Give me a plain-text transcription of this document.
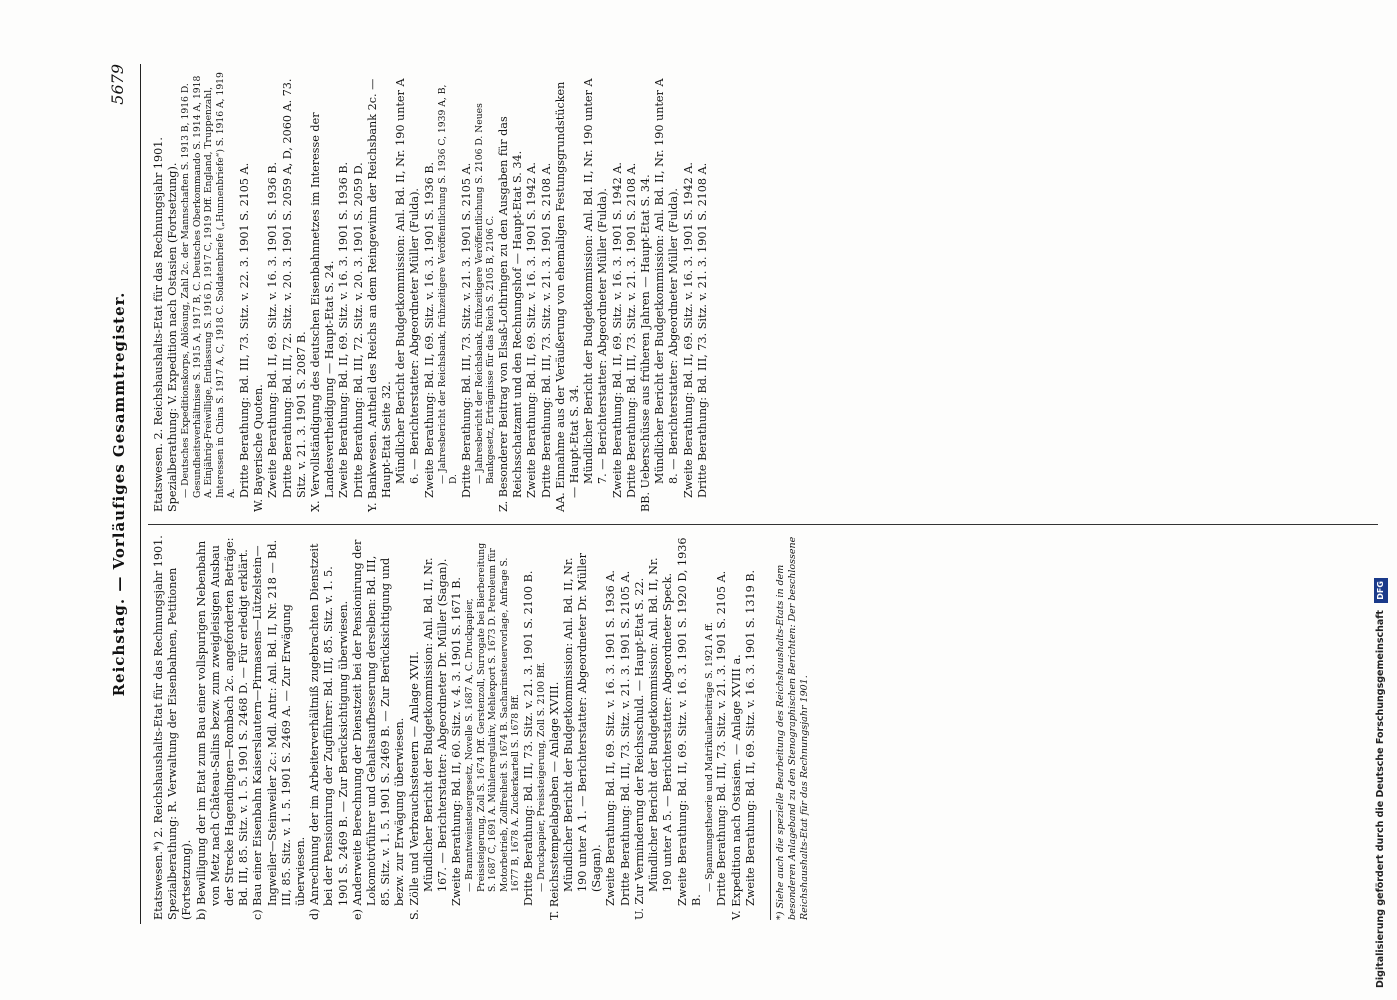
Reichstag. — Vorläufiges Gesammtregister.
5679
Etatswesen.*) 2. Reichshaushalts-Etat für das Rechnungsjahr 1901. Spezialberathung: R. Verwaltung der Eisenbahnen, Petitionen (Fortsetzung). b) Bewilligung der im Etat zum Bau einer vollspurigen Nebenbahn von Metz nach Château-Salins bezw. zum zweigleisigen Ausbau der Strecke Hagendingen—Rombach 2c. angeforderten Beträge: Bd. III, 85. Sitz. v. 1. 5. 1901 S. 2468 D. — Für erledigt erklärt. c) Bau einer Eisenbahn Kaiserslautern—Pirmasens—Lützelstein—Ingweiler—Steinweiler 2c.: Mdl. Antr.: Anl. Bd. II, Nr. 218 — Bd. III, 85. Sitz. v. 1. 5. 1901 S. 2469 A. — Zur Erwägung überwiesen. d) Anrechnung der im Arbeiterverhältniß zugebrachten Dienstzeit bei der Pensionirung der Zugführer: Bd. III, 85. Sitz. v. 1. 5. 1901 S. 2469 B. — Zur Berücksichtigung überwiesen. e) Anderweite Berechnung der Dienstzeit bei der Pensionirung der Lokomotivführer und Gehaltsaufbesserung derselben: Bd. III, 85. Sitz. v. 1. 5. 1901 S. 2469 B. — Zur Berücksichtigung und bezw. zur Erwägung überwiesen. S. Zölle und Verbrauchssteuern — Anlage XVII. Mündlicher Bericht der Budgetkommission: Anl. Bd. II, Nr. 167. — Berichterstatter: Abgeordneter Dr. Müller (Sagan). Zweite Berathung: Bd. II, 60. Sitz. v. 4. 3. 1901 S. 1671 B. — Branntweinsteuergesetz, Novelle S. 1687 A, C. Druckpapier, Preissteigerung, Zoll S. 1674 Dff. Gerstenzoll, Surrogate bei Bierbereitung S. 1687 C, 1691 A. Mühlenregulativ, Mehlexport S. 1673 D. Petroleum für Motorbetrieb, Zollfreiheit S. 1674 B. Sacharinsteuervorlage, Anfrage S. 1677 B, 1678 A. Zuckerkartell S. 1678 Bff. Dritte Berathung: Bd. III, 73. Sitz. v. 21. 3. 1901 S. 2100 B. — Druckpapier, Preissteigerung, Zoll S. 2100 Bff. T. Reichsstempelabgaben — Anlage XVIII. Mündlicher Bericht der Budgetkommission: Anl. Bd. II, Nr. 190 unter A 1. — Berichterstatter: Abgeordneter Dr. Müller (Sagan). Zweite Berathung: Bd. II, 69. Sitz. v. 16. 3. 1901 S. 1936 A. Dritte Berathung: Bd. III, 73. Sitz. v. 21. 3. 1901 S. 2105 A. U. Zur Verminderung der Reichsschuld. — Haupt-Etat S. 22. Mündlicher Bericht der Budgetkommission: Anl. Bd. II, Nr. 190 unter A 5. — Berichterstatter: Abgeordneter Speck. Zweite Berathung: Bd. II, 69. Sitz. v. 16. 3. 1901 S. 1920 D, 1936 B.
— Spannungstheorie und Matrikularbeiträge S. 1921 A ff. Dritte Berathung: Bd. III, 73. Sitz. v. 21. 3. 1901 S. 2105 A. V. Expedition nach Ostasien. — Anlage XVIII a. Zweite Berathung: Bd. II, 69. Sitz. v. 16. 3. 1901 S. 1319 B. *) Siehe auch die spezielle Bearbeitung des Reichshaushalts-Etats in dem besonderen Anlageband zu den Stenographischen Berichten: Der beschlossene Reichshaushalts-Etat für das Rechnungsjahr 1901.
Etatswesen. 2. Reichshaushalts-Etat für das Rechnungsjahr 1901. Spezialberathung: V. Expedition nach Ostasien (Fortsetzung). — Deutsches Expeditionskorps, Ablösung, Zahl 2c. der Mannschaften S. 1913 B, 1916 D. Gesundheitsverhältnisse S. 1915 A, 1917 B, C. Deutsches Oberkommando S. 1914 A, 1918 A. Einjährig-Freiwillige, Entlassung S. 1916 D, 1917 C, 1919 Dff. England, Truppenzahl, Interessen in China S. 1917 A, C, 1918 C. Soldatenbriefe („Hunnenbriefe“) S. 1916 A, 1919 A. Dritte Berathung: Bd. III, 73. Sitz. v. 22. 3. 1901 S. 2105 A. W. Bayerische Quoten. Zweite Berathung: Bd. II, 69. Sitz. v. 16. 3. 1901 S. 1936 B. Dritte Berathung: Bd. III, 72. Sitz. v. 20. 3. 1901 S. 2059 A, D, 2060 A. 73. Sitz. v. 21. 3. 1901 S. 2087 B. X. Vervollständigung des deutschen Eisenbahnnetzes im Interesse der Landesvertheidigung — Haupt-Etat S. 24. Zweite Berathung: Bd. II, 69. Sitz. v. 16. 3. 1901 S. 1936 B. Dritte Berathung: Bd. III, 72. Sitz. v. 20. 3. 1901 S. 2059 D. Y. Bankwesen. Antheil des Reichs an dem Reingewinn der Reichsbank 2c. — Haupt-Etat Seite 32. Mündlicher Bericht der Budgetkommission: Anl. Bd. II, Nr. 190 unter A 6. — Berichterstatter: Abgeordneter Müller (Fulda). Zweite Berathung: Bd. II, 69. Sitz. v. 16. 3. 1901 S. 1936 B. — Jahresbericht der Reichsbank, frühzeitigere Veröffentlichung S. 1936 C, 1939 A, B, D. Dritte Berathung: Bd. III, 73. Sitz. v. 21. 3. 1901 S. 2105 A. — Jahresbericht der Reichsbank, frühzeitigere Veröffentlichung S. 2106 D. Neues Bankgesetz, Erträgnisse für das Reich S. 2105 B, 2106 C. Z. Besonderer Beitrag von Elsaß-Lothringen zu den Ausgaben für das Reichsschatzamt und den Rechnungshof — Haupt-Etat S. 34. Zweite Berathung: Bd. II, 69. Sitz. v. 16. 3. 1901 S. 1942 A. Dritte Berathung: Bd. III, 73. Sitz. v. 21. 3. 1901 S. 2108 A. AA. Einnahme aus der Veräußerung von ehemaligen Festungsgrundstücken — Haupt-Etat S. 34. Mündlicher Bericht der Budgetkommission: Anl. Bd. II, Nr. 190 unter A 7. — Berichterstatter: Abgeordneter Müller (Fulda). Zweite Berathung: Bd. II, 69. Sitz. v. 16. 3. 1901 S. 1942 A. Dritte Berathung: Bd. III, 73. Sitz. v. 21. 3. 1901 S. 2108 A. BB. Ueberschüsse aus früheren Jahren — Haupt-Etat S. 34. Mündlicher Bericht der Budgetkommission: Anl. Bd. II, Nr. 190 unter A 8. — Berichterstatter: Abgeordneter Müller (Fulda). Zweite Berathung: Bd. II, 69. Sitz. v. 16. 3. 1901 S. 1942 A. Dritte Berathung: Bd. III, 73. Sitz. v. 21. 3. 1901 S. 2108 A.
Digitalisierung gefördert durch die Deutsche Forschungsgemeinschaft DFG
